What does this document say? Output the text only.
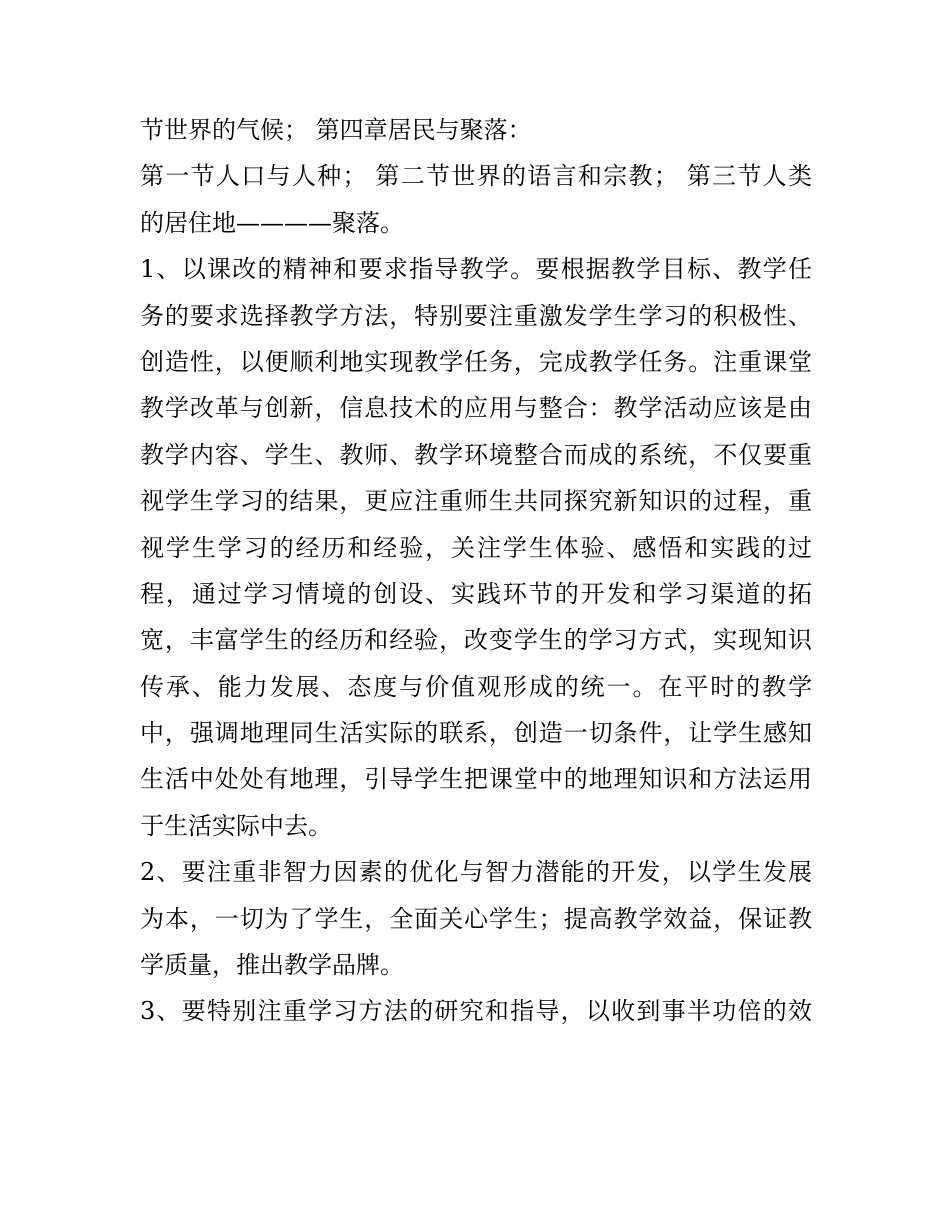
节世界的气候； 第四章居民与聚落：
第一节人口与人种； 第二节世界的语言和宗教； 第三节人类
的居住地————聚落。
1、以课改的精神和要求指导教学。要根据教学目标、教学任
务的要求选择教学方法，特别要注重激发学生学习的积极性、
创造性，以便顺利地实现教学任务，完成教学任务。注重课堂
教学改革与创新，信息技术的应用与整合：教学活动应该是由
教学内容、学生、教师、教学环境整合而成的系统，不仅要重
视学生学习的结果，更应注重师生共同探究新知识的过程，重
视学生学习的经历和经验，关注学生体验、感悟和实践的过
程，通过学习情境的创设、实践环节的开发和学习渠道的拓
宽，丰富学生的经历和经验，改变学生的学习方式，实现知识
传承、能力发展、态度与价值观形成的统一。在平时的教学
中，强调地理同生活实际的联系，创造一切条件，让学生感知
生活中处处有地理，引导学生把课堂中的地理知识和方法运用
于生活实际中去。
2、要注重非智力因素的优化与智力潜能的开发，以学生发展
为本，一切为了学生，全面关心学生；提高教学效益，保证教
学质量，推出教学品牌。
3、要特别注重学习方法的研究和指导，以收到事半功倍的效
